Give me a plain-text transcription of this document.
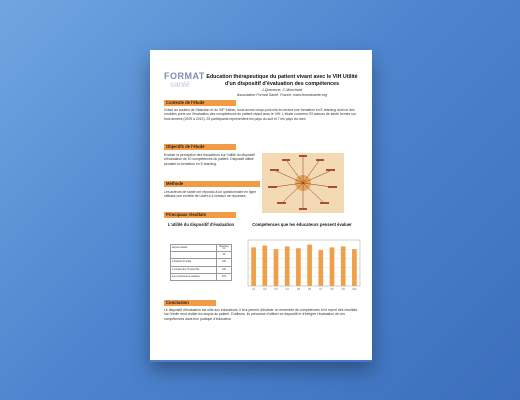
FORMAT
santé
Education thérapeutique du patient vivant avec le VIH Utilité d'un dispositif d'évaluation des compétences
J.Quentone, C.Monchard
Association Format Santé, France, www.formatsante.org
Contexte de l'étude
Grâce au soutien de Sidaction et du GIP Esther, nous avons conçu puis mis en œuvre une formation en E-learning dont un des modules porte sur l'évaluation des compétences du patient vivant avec le VIH. L'étude concerne 93 acteurs de santé formés sur trois années (2009 à 2012). 25 participants représentent les pays du sud et 7 les pays du nord.
Objectifs de l'étude
Evaluer la perception des éducateurs sur l'utilité du dispositif d'évaluation de 10 compétences du patient. Dispositif utilisé pendant la formation en E-learning.
Méthode
Les acteurs de santé ont répondu à un questionnaire en ligne utilisant une échelle de Likert à 4 niveaux de réponses.
Principaux résultats
L'utilité du dispositif d'évaluation
Acquis évalués	Réponse (n)
	26
à disposé (% total)	100
à comprendre (% total 3%)	100
aux compétences évaluées	17%
Compétences que les éducateurs pensent évaluer
C1	C2	C3	C4	C5	C6	C7	C8	C9	C10
Conclusion
Le dispositif d'évaluation est utile aux éducateurs, il leur permet d'évaluer un ensemble de compétences et le report des résultats sur l'étoile rend visible les acquis du patient. D'ailleurs, ils préconise d'utiliser ce dispositif et d'intégrer l'évaluation de ces compétences dans leur pratique d'éducateur.
